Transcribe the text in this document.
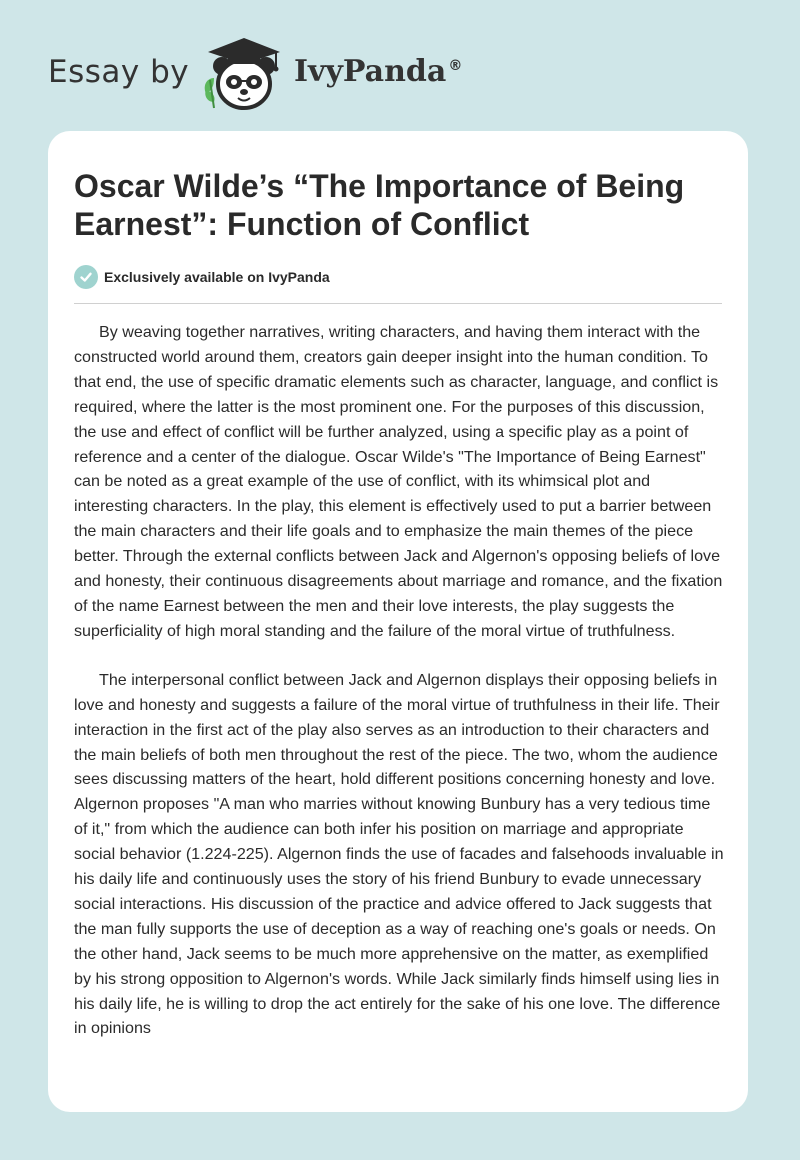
Essay by	IvyPanda ®
Oscar Wilde’s “The Importance of Being Earnest”: Function of Conflict
Exclusively available on IvyPanda

By weaving together narratives, writing characters, and having them interact with the constructed world around them, creators gain deeper insight into the human condition. To that end, the use of specific dramatic elements such as character, language, and conflict is required, where the latter is the most prominent one. For the purposes of this discussion, the use and effect of conflict will be further analyzed, using a specific play as a point of reference and a center of the dialogue. Oscar Wilde's "The Importance of Being Earnest" can be noted as a great example of the use of conflict, with its whimsical plot and interesting characters. In the play, this element is effectively used to put a barrier between the main characters and their life goals and to emphasize the main themes of the piece better. Through the external conflicts between Jack and Algernon's opposing beliefs of love and honesty, their continuous disagreements about marriage and romance, and the fixation of the name Earnest between the men and their love interests, the play suggests the superficiality of high moral standing and the failure of the moral virtue of truthfulness.

The interpersonal conflict between Jack and Algernon displays their opposing beliefs in love and honesty and suggests a failure of the moral virtue of truthfulness in their life. Their interaction in the first act of the play also serves as an introduction to their characters and the main beliefs of both men throughout the rest of the piece. The two, whom the audience sees discussing matters of the heart, hold different positions concerning honesty and love. Algernon proposes "A man who marries without knowing Bunbury has a very tedious time of it," from which the audience can both infer his position on marriage and appropriate social behavior (1.224-225). Algernon finds the use of facades and falsehoods invaluable in his daily life and continuously uses the story of his friend Bunbury to evade unnecessary social interactions. His discussion of the practice and advice offered to Jack suggests that the man fully supports the use of deception as a way of reaching one's goals or needs. On the other hand, Jack seems to be much more apprehensive on the matter, as exemplified by his strong opposition to Algernon's words. While Jack similarly finds himself using lies in his daily life, he is willing to drop the act entirely for the sake of his one love. The difference in opinions
